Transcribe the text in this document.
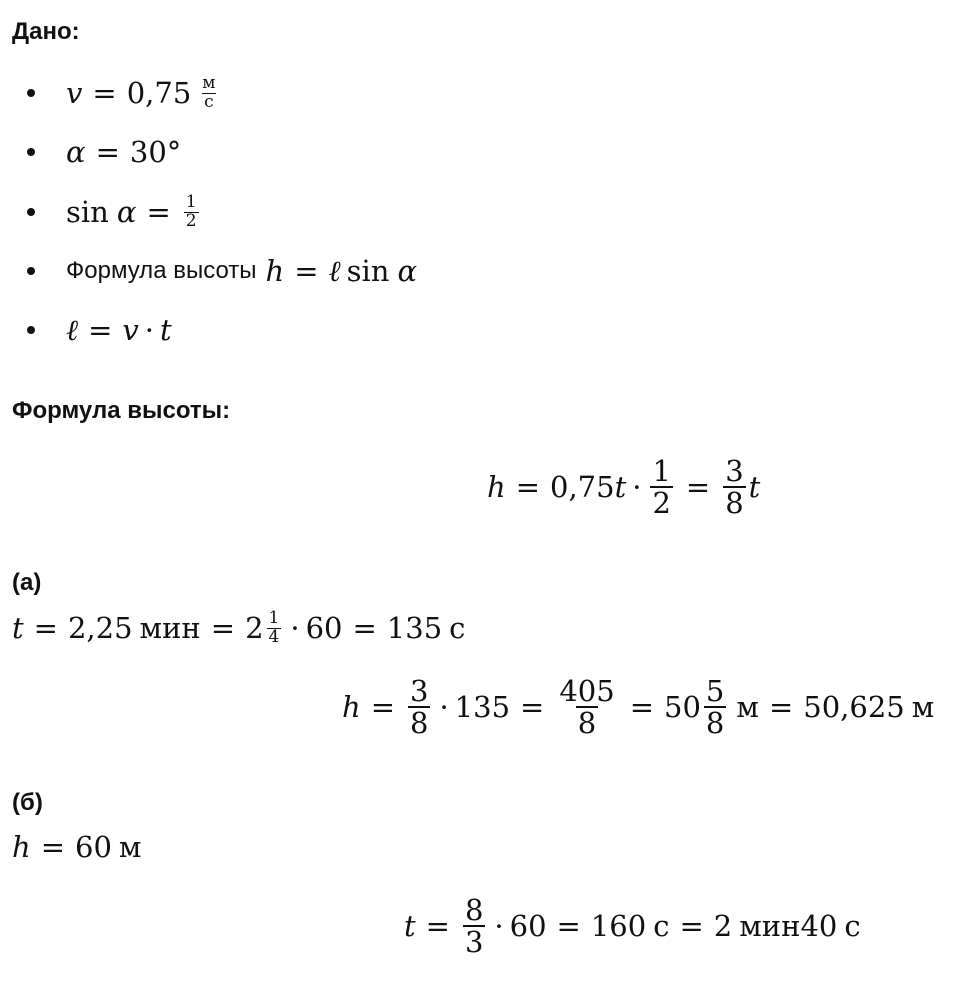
Дано:
$v = 0,75 \frac{м}{с}$
α = 30°
$\sin \alpha = \frac{1}{2}$
Формула высоты h = ℓ sin α
ℓ = v · t
Формула высоты:
h = 0,75 $t \cdot \frac{1}{2} = \frac{3}{8}$ t
(а)
t = 2,25 мин = $2 \frac{1}{4} \cdot 60 = 135$ с
$h = \frac{3}{8} \cdot 135 = \frac{405}{8} = 50 \frac{5}{8}$ м = 50,625 м
(б)
h = 60 м
$t = \frac{8}{3} \cdot 60 = 160$ с = 2 мин 40 с
